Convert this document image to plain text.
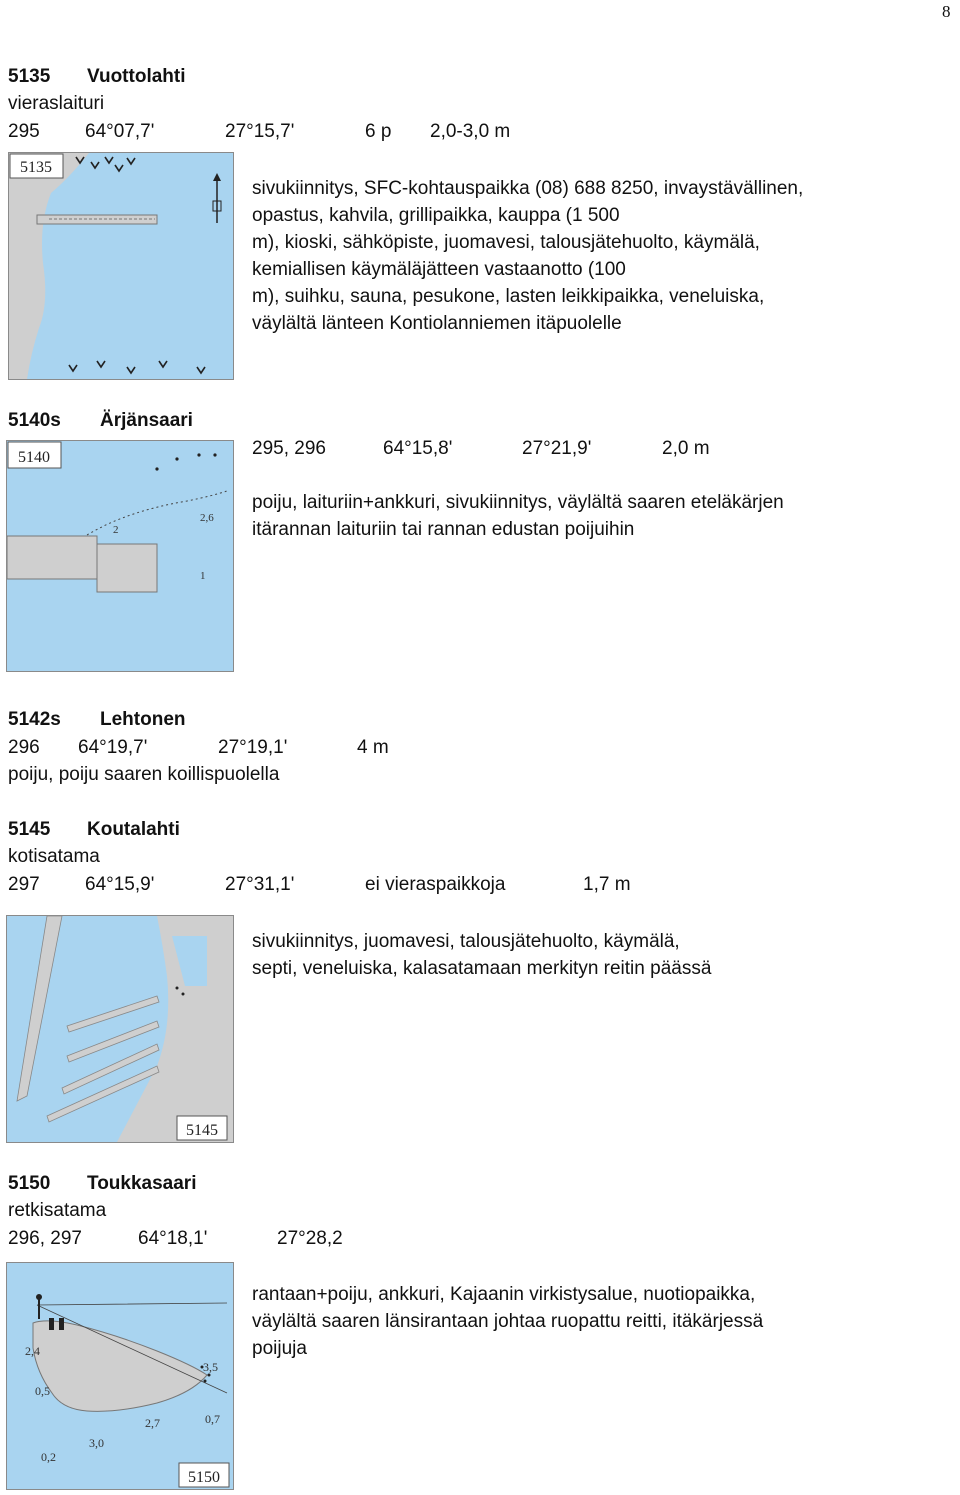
8
5135 Vuottolahti
vieraslaituri
295 64°07,7'	27°15,7'	6 p 2,0-3,0 m
5135
sivukiinnitys, SFC-kohtauspaikka (08) 688 8250, invaystävällinen,
opastus, kahvila, grillipaikka, kauppa (1 500
m), kioski, sähköpiste, juomavesi, talousjätehuolto, käymälä,
kemiallisen käymäläjätteen vastaanotto (100
m), suihku, sauna, pesukone, lasten leikkipaikka, veneluiska,
väylältä länteen Kontiolanniemen itäpuolelle
5140s Ärjänsaari
5140
2
2,6
1
295, 296	64°15,8'	27°21,9'	2,0 m
poiju, laituriin+ankkuri, sivukiinnitys, väylältä saaren eteläkärjen
itärannan laituriin tai rannan edustan poijuihin
5142s Lehtonen
296 64°19,7'	27°19,1'	4 m
poiju, poiju saaren koillispuolella
5145 Koutalahti
kotisatama
297 64°15,9'	27°31,1'	ei vieraspaikkoja	1,7 m
5145
sivukiinnitys, juomavesi, talousjätehuolto, käymälä,
septi, veneluiska, kalasatamaan merkityn reitin päässä
5150 Toukkasaari
retkisatama
296, 297	64°18,1'	27°28,2
2,4
3,5
0,5
2,7	0,7
3,0
0,2
5150
rantaan+poiju, ankkuri, Kajaanin virkistysalue, nuotiopaikka,
väylältä saaren länsirantaan johtaa ruopattu reitti, itäkärjessä
poijuja
